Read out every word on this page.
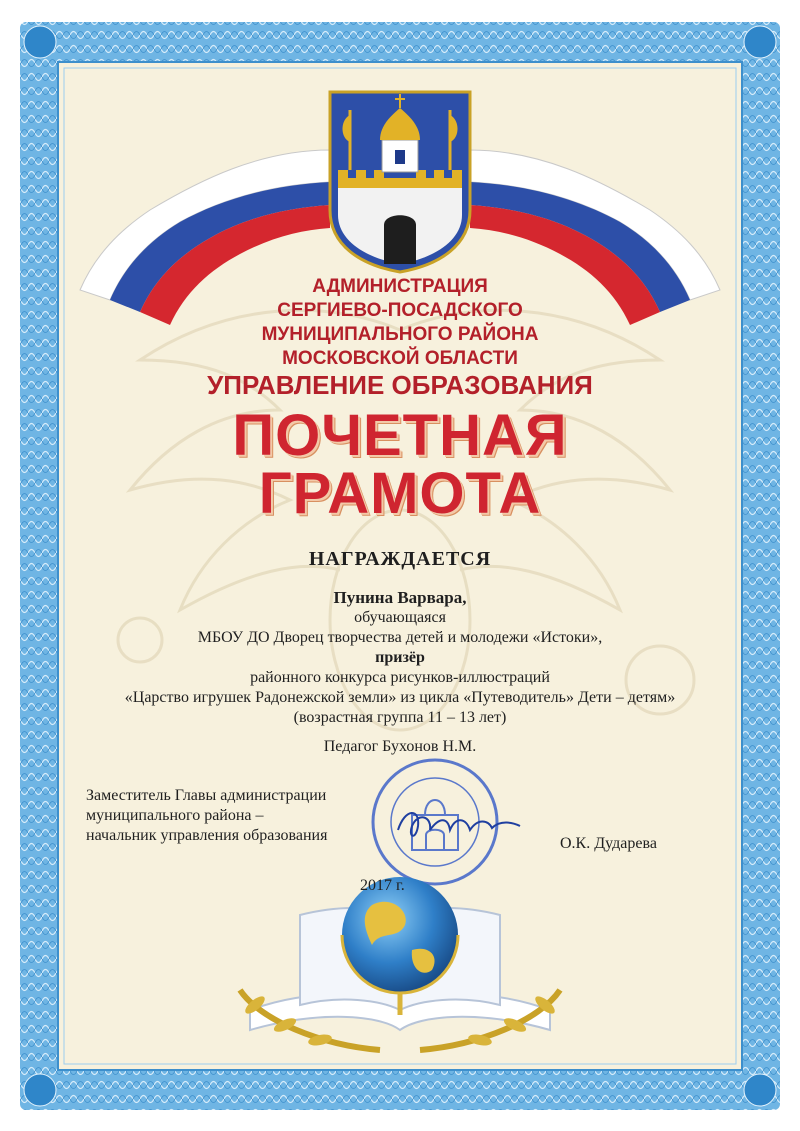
АДМИНИСТРАЦИЯ
СЕРГИЕВО-ПОСАДСКОГО
МУНИЦИПАЛЬНОГО РАЙОНА
МОСКОВСКОЙ ОБЛАСТИ
УПРАВЛЕНИЕ ОБРАЗОВАНИЯ
ПОЧЕТНАЯ
ГРАМОТА
НАГРАЖДАЕТСЯ
Пунина Варвара,
обучающаяся
МБОУ ДО Дворец творчества детей и молодежи «Истоки»,
призёр
районного конкурса рисунков-иллюстраций
«Царство игрушек Радонежской земли» из цикла «Путеводитель» Дети – детям»
(возрастная группа 11 – 13 лет)
Педагог Бухонов Н.М.
Заместитель Главы администрации
муниципального района –
начальник управления образования	О.К. Дударева
2017 г.
